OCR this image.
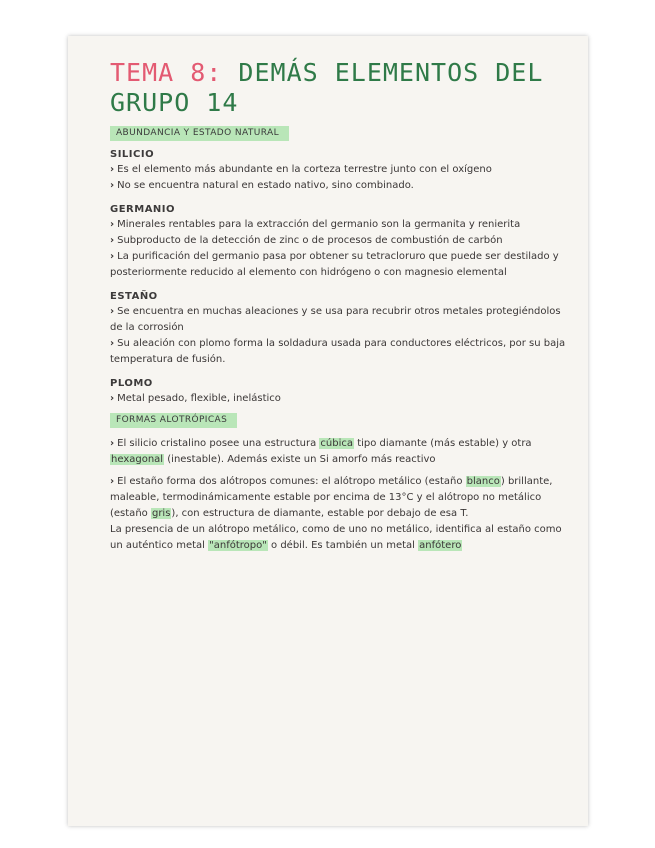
TEMA 8: DEMÁS ELEMENTOS DEL
GRUPO 14
ABUNDANCIA Y ESTADO NATURAL
SILICIO

› Es el elemento más abundante en la corteza terrestre junto con el oxígeno

› No se encuentra natural en estado nativo, sino combinado.

GERMANIO

› Minerales rentables para la extracción del germanio son la germanita y renierita

› Subproducto de la detección de zinc o de procesos de combustión de carbón

› La purificación del germanio pasa por obtener su tetracloruro que puede ser destilado y posteriormente reducido al elemento con hidrógeno o con magnesio elemental

ESTAÑO

› Se encuentra en muchas aleaciones y se usa para recubrir otros metales protegiéndolos de la corrosión

› Su aleación con plomo forma la soldadura usada para conductores eléctricos, por su baja temperatura de fusión.

PLOMO

› Metal pesado, flexible, inelástico

FORMAS ALOTRÓPICAS

› El silicio cristalino posee una estructura cúbica tipo diamante (más estable) y otra hexagonal (inestable). Además existe un Si amorfo más reactivo

› El estaño forma dos alótropos comunes: el alótropo metálico (estaño blanco) brillante, maleable, termodinámicamente estable por encima de 13°C y el alótropo no metálico (estaño gris), con estructura de diamante, estable por debajo de esa T.

La presencia de un alótropo metálico, como de uno no metálico, identifica al estaño como un auténtico metal "anfótropo" o débil. Es también un metal anfótero
